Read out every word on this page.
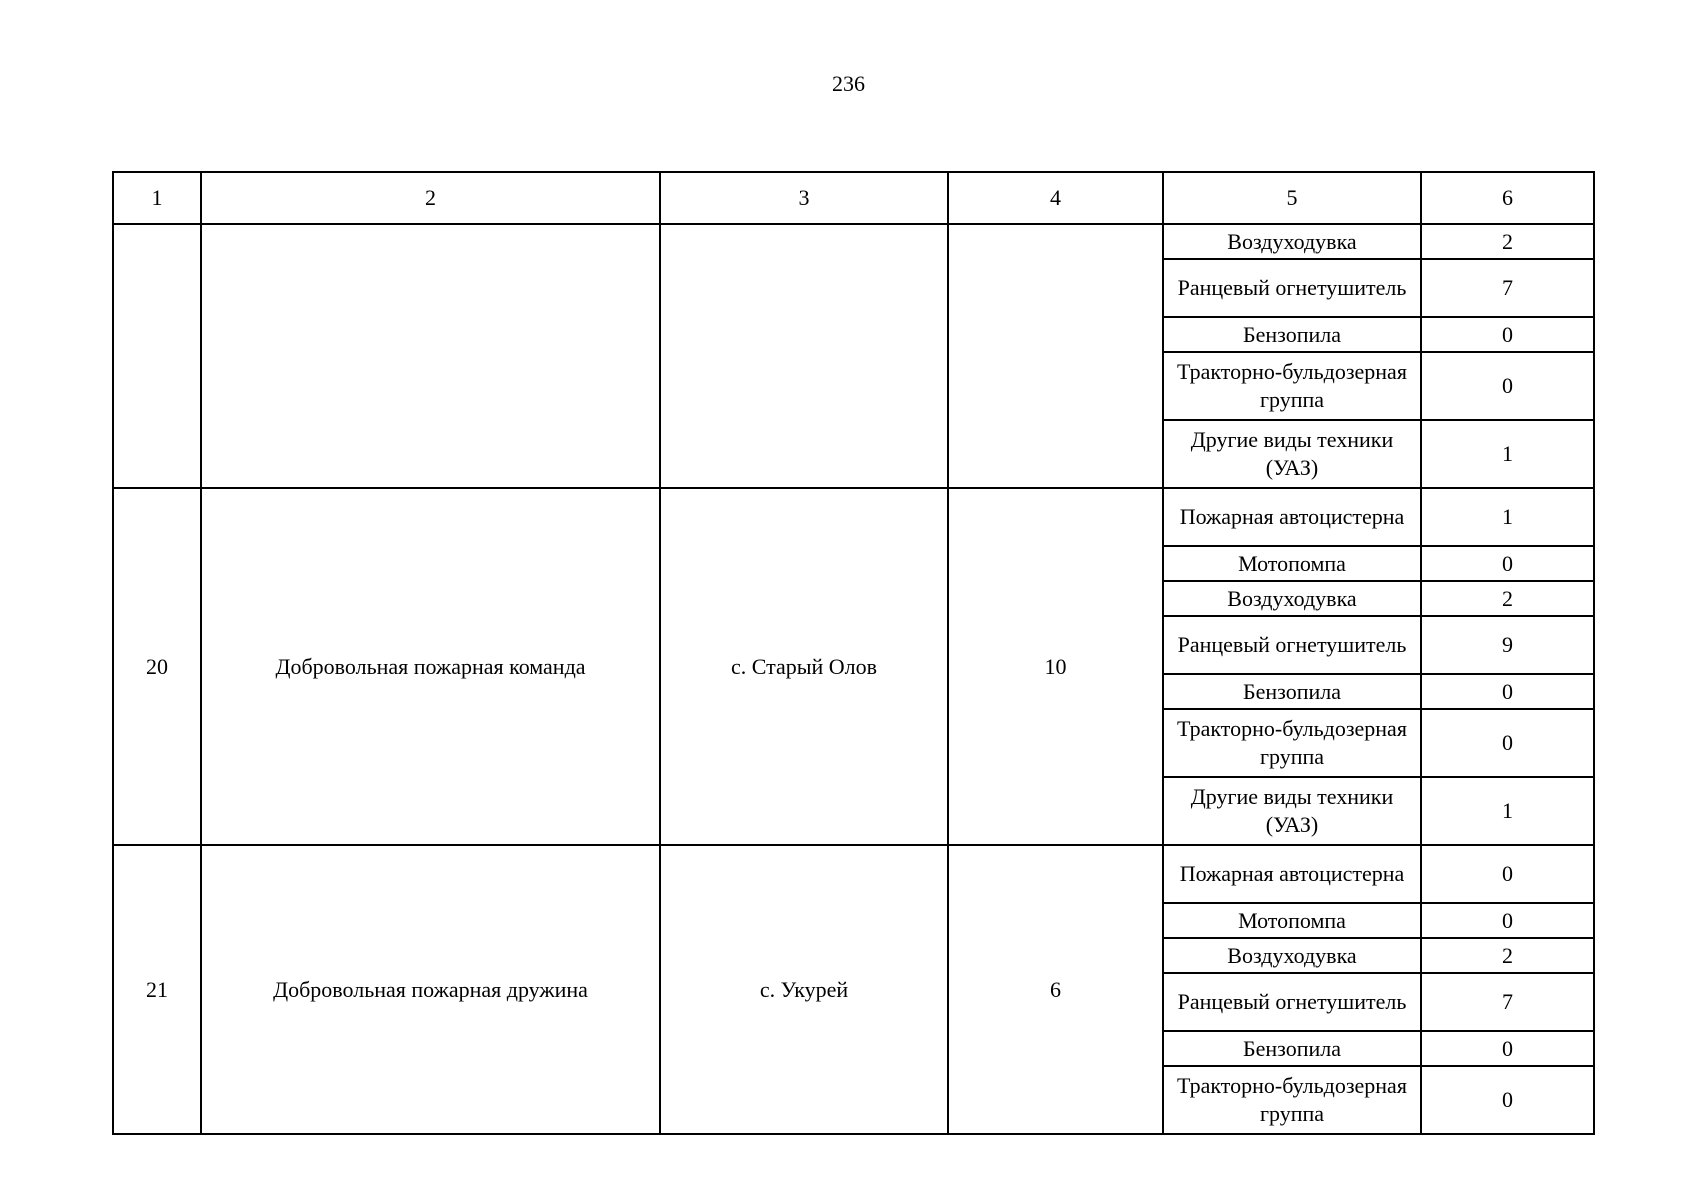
236
1	2	3	4	5	6
				Воздуходувка	2
				Ранцевый огнетушитель	7
				Бензопила	0
				Тракторно-бульдозерная группа	0
				Другие виды техники (УАЗ)	1
20	Добровольная пожарная команда	с. Старый Олов	10	Пожарная автоцистерна	1
				Мотопомпа	0
				Воздуходувка	2
				Ранцевый огнетушитель	9
				Бензопила	0
				Тракторно-бульдозерная группа	0
				Другие виды техники (УАЗ)	1
21	Добровольная пожарная дружина	с. Укурей	6	Пожарная автоцистерна	0
				Мотопомпа	0
				Воздуходувка	2
				Ранцевый огнетушитель	7
				Бензопила	0
				Тракторно-бульдозерная группа	0
